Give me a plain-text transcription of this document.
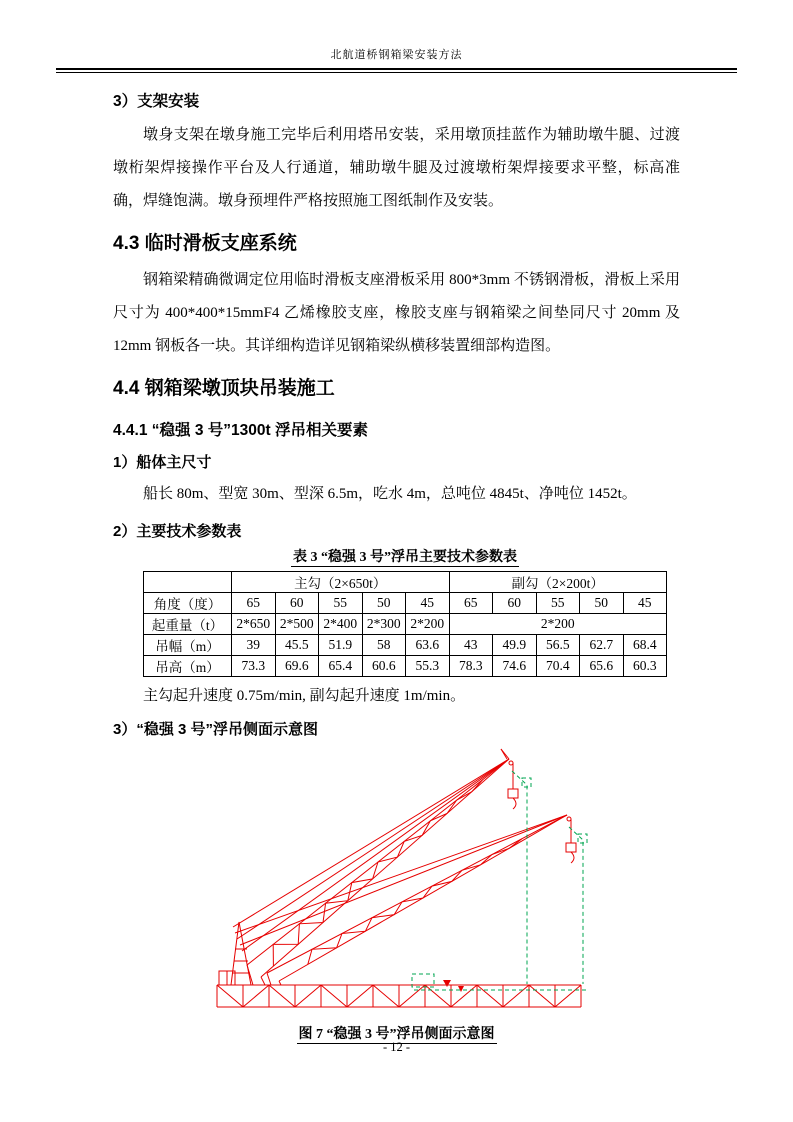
北航道桥钢箱梁安装方法
3）支架安装

墩身支架在墩身施工完毕后利用塔吊安装，采用墩顶挂蓝作为辅助墩牛腿、过渡墩桁架焊接操作平台及人行通道，辅助墩牛腿及过渡墩桁架焊接要求平整，标高准确，焊缝饱满。墩身预埋件严格按照施工图纸制作及安装。

4.3 临时滑板支座系统

钢箱梁精确微调定位用临时滑板支座滑板采用 800*3mm 不锈钢滑板，滑板上采用尺寸为 400*400*15mmF4 乙烯橡胶支座，橡胶支座与钢箱梁之间垫同尺寸 20mm 及 12mm 钢板各一块。其详细构造详见钢箱梁纵横移装置细部构造图。

4.4 钢箱梁墩顶块吊装施工
4.4.1 “稳强 3 号”1300t 浮吊相关要素
1）船体主尺寸

船长 80m、型宽 30m、型深 6.5m，吃水 4m，总吨位 4845t、净吨位 1452t。

2）主要技术参数表
表 3 “稳强 3 号”浮吊主要技术参数表
	主勾（2×650t）					副勾（2×200t）				
角度（度）	65	60	55	50	45	65	60	55	50	45
起重量（t）	2*650	2*500	2*400	2*300	2*200	2*200				
吊幅（m）	39	45.5	51.9	58	63.6	43	49.9	56.5	62.7	68.4
吊高（m）	73.3	69.6	65.4	60.6	55.3	78.3	74.6	70.4	65.6	60.3

主勾起升速度 0.75m/min, 副勾起升速度 1m/min。

3）“稳强 3 号”浮吊侧面示意图
图 7 “稳强 3 号”浮吊侧面示意图
- 12 -
